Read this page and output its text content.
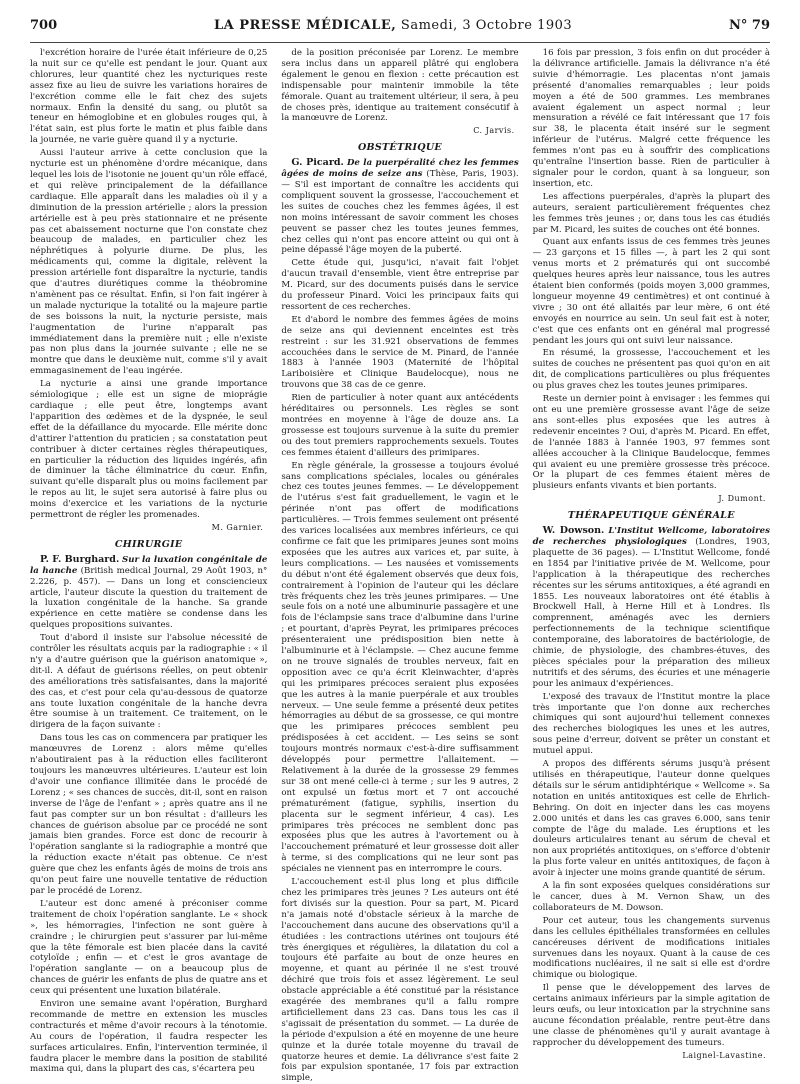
700	LA PRESSE MÉDICALE, Samedi, 3 Octobre 1903	N° 79

l'excrétion horaire de l'urée était inférieure de 0,25 la nuit sur ce qu'elle est pendant le jour. Quant aux chlorures, leur quantité chez les nycturiques reste assez fixe au lieu de suivre les variations horaires de l'excrétion comme elle le fait chez des sujets normaux. Enfin la densité du sang, ou plutôt sa teneur en hémoglobine et en globules rouges qui, à l'état sain, est plus forte le matin et plus faible dans la journée, ne varie guère quand il y a nycturie.

Aussi l'auteur arrive à cette conclusion que la nycturie est un phénomène d'ordre mécanique, dans lequel les lois de l'isotonie ne jouent qu'un rôle effacé, et qui relève principalement de la défaillance cardiaque. Elle apparaît dans les maladies où il y a diminution de la pression artérielle ; alors la pression artérielle est à peu près stationnaire et ne présente pas cet abaissement nocturne que l'on constate chez beaucoup de malades, en particulier chez les néphrétiques à polyurie diurne. De plus, les médicaments qui, comme la digitale, relèvent la pression artérielle font disparaître la nycturie, tandis que d'autres diurétiques comme la théobromine n'amènent pas ce résultat. Enfin, si l'on fait ingérer à un malade nycturique la totalité ou la majeure partie de ses boissons la nuit, la nycturie persiste, mais l'augmentation de l'urine n'apparaît pas immédiatement dans la première nuit ; elle n'existe pas non plus dans la journée suivante ; elle ne se montre que dans le deuxième nuit, comme s'il y avait emmagasinement de l'eau ingérée.

La nycturie a ainsi une grande importance sémiologique ; elle est un signe de mioprágie cardiaque ; elle peut être, longtemps avant l'apparition des œdèmes et de la dyspnée, le seul effet de la défaillance du myocarde. Elle mérite donc d'attirer l'attention du praticien ; sa constatation peut contribuer à dicter certaines règles thérapeutiques, en particulier la réduction des liquides ingérés, afin de diminuer la tâche éliminatrice du cœur. Enfin, suivant qu'elle disparaît plus ou moins facilement par le repos au lit, le sujet sera autorisé à faire plus ou moins d'exercice et les variations de la nycturie permettront de régler les promenades.

M. Garnier.
CHIRURGIE

P. F. Burghard. Sur la luxation congénitale de la hanche (British medical Journal, 29 Août 1903, n° 2.226, p. 457). — Dans un long et consciencieux article, l'auteur discute la question du traitement de la luxation congénitale de la hanche. Sa grande expérience en cette matière se condense dans les quelques propositions suivantes.

Tout d'abord il insiste sur l'absolue nécessité de contrôler les résultats acquis par la radiographie : « il n'y a d'autre guérison que la guérison anatomique », dit-il. A défaut de guérisons réelles, on peut obtenir des améliorations très satisfaisantes, dans la majorité des cas, et c'est pour cela qu'au-dessous de quatorze ans toute luxation congénitale de la hanche devra être soumise à un traitement. Ce traitement, on le dirigera de la façon suivante :

Dans tous les cas on commencera par pratiquer les manœuvres de Lorenz : alors même qu'elles n'aboutiraient pas à la réduction elles faciliteront toujours les manœuvres ultérieures. L'auteur est loin d'avoir une confiance illimitée dans le procédé de Lorenz ; « ses chances de succès, dit-il, sont en raison inverse de l'âge de l'enfant » ; après quatre ans il ne faut pas compter sur un bon résultat : d'ailleurs les chances de guérison absolue par ce procédé ne sont jamais bien grandes. Force est donc de recourir à l'opération sanglante si la radiographie a montré que la réduction exacte n'était pas obtenue. Ce n'est guère que chez les enfants âgés de moins de trois ans qu'on peut faire une nouvelle tentative de réduction par le procédé de Lorenz.

L'auteur est donc amené à préconiser comme traitement de choix l'opération sanglante. Le « shock », les hémorragies, l'infection ne sont guère à craindre ; le chirurgien peut s'assurer par lui-même que la tête fémorale est bien placée dans la cavité cotyloïde ; enfin — et c'est le gros avantage de l'opération sanglante — on a beaucoup plus de chances de guérir les enfants de plus de quatre ans et ceux qui présentent une luxation bilatérale.

Environ une semaine avant l'opération, Burghard recommande de mettre en extension les muscles contracturés et même d'avoir recours à la ténotomie. Au cours de l'opération, il faudra respecter les surfaces articulaires. Enfin, l'intervention terminée, il faudra placer le membre dans la position de stabilité maxima qui, dans la plupart des cas, s'écartera peu

de la position préconisée par Lorenz. Le membre sera inclus dans un appareil plâtré qui englobera également le genou en flexion : cette précaution est indispensable pour maintenir immobile la tête fémorale. Quant au traitement ultérieur, il sera, à peu de choses près, identique au traitement consécutif à la manœuvre de Lorenz.

C. Jarvis.
OBSTÉTRIQUE

G. Picard. De la puerpéralité chez les femmes âgées de moins de seize ans (Thèse, Paris, 1903). — S'il est important de connaître les accidents qui compliquent souvent la grossesse, l'accouchement et les suites de couches chez les femmes âgées, il est non moins intéressant de savoir comment les choses peuvent se passer chez les toutes jeunes femmes, chez celles qui n'ont pas encore atteint ou qui ont à peine dépassé l'âge moyen de la puberté.

Cette étude qui, jusqu'ici, n'avait fait l'objet d'aucun travail d'ensemble, vient être entreprise par M. Picard, sur des documents puisés dans le service du professeur Pinard. Voici les principaux faits qui ressortent de ces recherches.

Et d'abord le nombre des femmes âgées de moins de seize ans qui deviennent enceintes est très restreint : sur les 31.921 observations de femmes accouchées dans le service de M. Pinard, de l'année 1883 à l'année 1903 (Maternité de l'hôpital Lariboisière et Clinique Baudelocque), nous ne trouvons que 38 cas de ce genre.

Rien de particulier à noter quant aux antécédents héréditaires ou personnels. Les règles se sont montrées en moyenne à l'âge de douze ans. La grossesse est toujours survenue à la suite du premier ou des tout premiers rapprochements sexuels. Toutes ces femmes étaient d'ailleurs des primipares.

En règle générale, la grossesse a toujours évolué sans complications spéciales, locales ou générales chez ces toutes jeunes femmes. — Le développement de l'utérus s'est fait graduellement, le vagin et le périnée n'ont pas offert de modifications particulières. — Trois femmes seulement ont présenté des varices localisées aux membres inférieurs, ce qui confirme ce fait que les primipares jeunes sont moins exposées que les autres aux varices et, par suite, à leurs complications. — Les nausées et vomissements du début n'ont été également observés que deux fois, contrairement à l'opinion de l'auteur qui les déclare très fréquents chez les très jeunes primipares. — Une seule fois on a noté une albuminurie passagère et une fois de l'éclampsie sans trace d'albumine dans l'urine ; et pourtant, d'après Peyrat, les primipares précoces présenteraient une prédisposition bien nette à l'albuminurie et à l'éclampsie. — Chez aucune femme on ne trouve signalés de troubles nerveux, fait en opposition avec ce qu'a écrit Kleinwachter, d'après qui les primipares précoces seraient plus exposées que les autres à la manie puerpérale et aux troubles nerveux. — Une seule femme a présenté deux petites hémorragies au début de sa grossesse, ce qui montre que les primipares précoces semblent peu prédisposées à cet accident. — Les seins se sont toujours montrés normaux c'est-à-dire suffisamment développés pour permettre l'allaitement. — Relativement à la durée de la grossesse 29 femmes sur 38 ont mené celle-ci à terme ; sur les 9 autres, 2 ont expulsé un fœtus mort et 7 ont accouché prématurément (fatigue, syphilis, insertion du placenta sur le segment inférieur, 4 cas). Les primipares très précoces ne semblent donc pas exposées plus que les autres à l'avortement ou à l'accouchement prématuré et leur grossesse doit aller à terme, si des complications qui ne leur sont pas spéciales ne viennent pas en interrompre le cours.

L'accouchement est-il plus long et plus difficile chez les primipares très jeunes ? Les auteurs ont été fort divisés sur la question. Pour sa part, M. Picard n'a jamais noté d'obstacle sérieux à la marche de l'accouchement dans aucune des observations qu'il a étudiées : les contractions utérines ont toujours été très énergiques et régulières, la dilatation du col a toujours été parfaite au bout de onze heures en moyenne, et quant au périnée il ne s'est trouvé déchiré que trois fois et assez légèrement. Le seul obstacle appréciable a été constitué par la résistance exagérée des membranes qu'il a fallu rompre artificiellement dans 23 cas. Dans tous les cas il s'agissait de présentation du sommet. — La durée de la période d'expulsion a été en moyenne de une heure quinze et la durée totale moyenne du travail de quatorze heures et demie. La délivrance s'est faite 2 fois par expulsion spontanée, 17 fois par extraction simple,

16 fois par pression, 3 fois enfin on dut procéder à la délivrance artificielle. Jamais la délivrance n'a été suivie d'hémorragie. Les placentas n'ont jamais présenté d'anomalies remarquables ; leur poids moyen a été de 500 grammes. Les membranes avaient également un aspect normal ; leur mensuration a révélé ce fait intéressant que 17 fois sur 38, le placenta était inséré sur le segment inférieur de l'utérus. Malgré cette fréquence les femmes n'ont pas eu à souffrir des complications qu'entraîne l'insertion basse. Rien de particulier à signaler pour le cordon, quant à sa longueur, son insertion, etc.

Les affections puerpérales, d'après la plupart des auteurs, seraient particulièrement fréquentes chez les femmes très jeunes ; or, dans tous les cas étudiés par M. Picard, les suites de couches ont été bonnes.

Quant aux enfants issus de ces femmes très jeunes — 23 garçons et 15 filles —, à part les 2 qui sont venus morts et 2 prématurés qui ont succombé quelques heures après leur naissance, tous les autres étaient bien conformés (poids moyen 3,000 grammes, longueur moyenne 49 centimètres) et ont continué à vivre ; 30 ont été allaités par leur mère, 6 ont été envoyés en nourrice au sein. Un seul fait est à noter, c'est que ces enfants ont en général mal progressé pendant les jours qui ont suivi leur naissance.

En résumé, la grossesse, l'accouchement et les suites de couches ne présentent pas quoi qu'on en ait dit, de complications particulières ou plus fréquentes ou plus graves chez les toutes jeunes primipares.

Reste un dernier point à envisager : les femmes qui ont eu une première grossesse avant l'âge de seize ans sont-elles plus exposées que les autres à redevenir enceintes ? Oui, d'après M. Picard. En effet, de l'année 1883 à l'année 1903, 97 femmes sont allées accoucher à la Clinique Baudelocque, femmes qui avaient eu une première grossesse très précoce. Or la plupart de ces femmes étaient mères de plusieurs enfants vivants et bien portants.

J. Dumont.
THÉRAPEUTIQUE GÉNÉRALE

W. Dowson. L'Institut Wellcome, laboratoires de recherches physiologiques (Londres, 1903, plaquette de 36 pages). — L'Institut Wellcome, fondé en 1854 par l'initiative privée de M. Wellcome, pour l'application à la thérapeutique des recherches récentes sur les sérums antitoxiques, a été agrandi en 1855. Les nouveaux laboratoires ont été établis à Brockwell Hall, à Herne Hill et à Londres. Ils comprennent, aménagés avec les derniers perfectionnements de la technique scientifique contemporaine, des laboratoires de bactériologie, de chimie, de physiologie, des chambres-étuves, des pièces spéciales pour la préparation des milieux nutritifs et des sérums, des écuries et une ménagerie pour les animaux d'expériences.

L'exposé des travaux de l'Institut montre la place très importante que l'on donne aux recherches chimiques qui sont aujourd'hui tellement connexes des recherches biologiques les unes et les autres, sous peine d'erreur, doivent se prêter un constant et mutuel appui.

A propos des différents sérums jusqu'à présent utilisés en thérapeutique, l'auteur donne quelques détails sur le sérum antidiphtérique « Wellcome ». Sa notation en unités antitoxiques est celle de Ehrlich-Behring. On doit en injecter dans les cas moyens 2.000 unités et dans les cas graves 6.000, sans tenir compte de l'âge du malade. Les éruptions et les douleurs articulaires tenant au sérum de cheval et non aux propriétés antitoxiques, on s'efforce d'obtenir la plus forte valeur en unités antitoxiques, de façon à avoir à injecter une moins grande quantité de sérum.

A la fin sont exposées quelques considérations sur le cancer, dues à M. Vernon Shaw, un des collaborateurs de M. Dowson.

Pour cet auteur, tous les changements survenus dans les cellules épithéliales transformées en cellules cancéreuses dérivent de modifications initiales survenues dans les noyaux. Quant à la cause de ces modifications nucléaires, il ne sait si elle est d'ordre chimique ou biologique.

Il pense que le développement des larves de certains animaux inférieurs par la simple agitation de leurs œufs, ou leur intoxication par la strychnine sans aucune fécondation préalable, rentre peut-être dans une classe de phénomènes qu'il y aurait avantage à rapprocher du développement des tumeurs.

Laignel-Lavastine.
